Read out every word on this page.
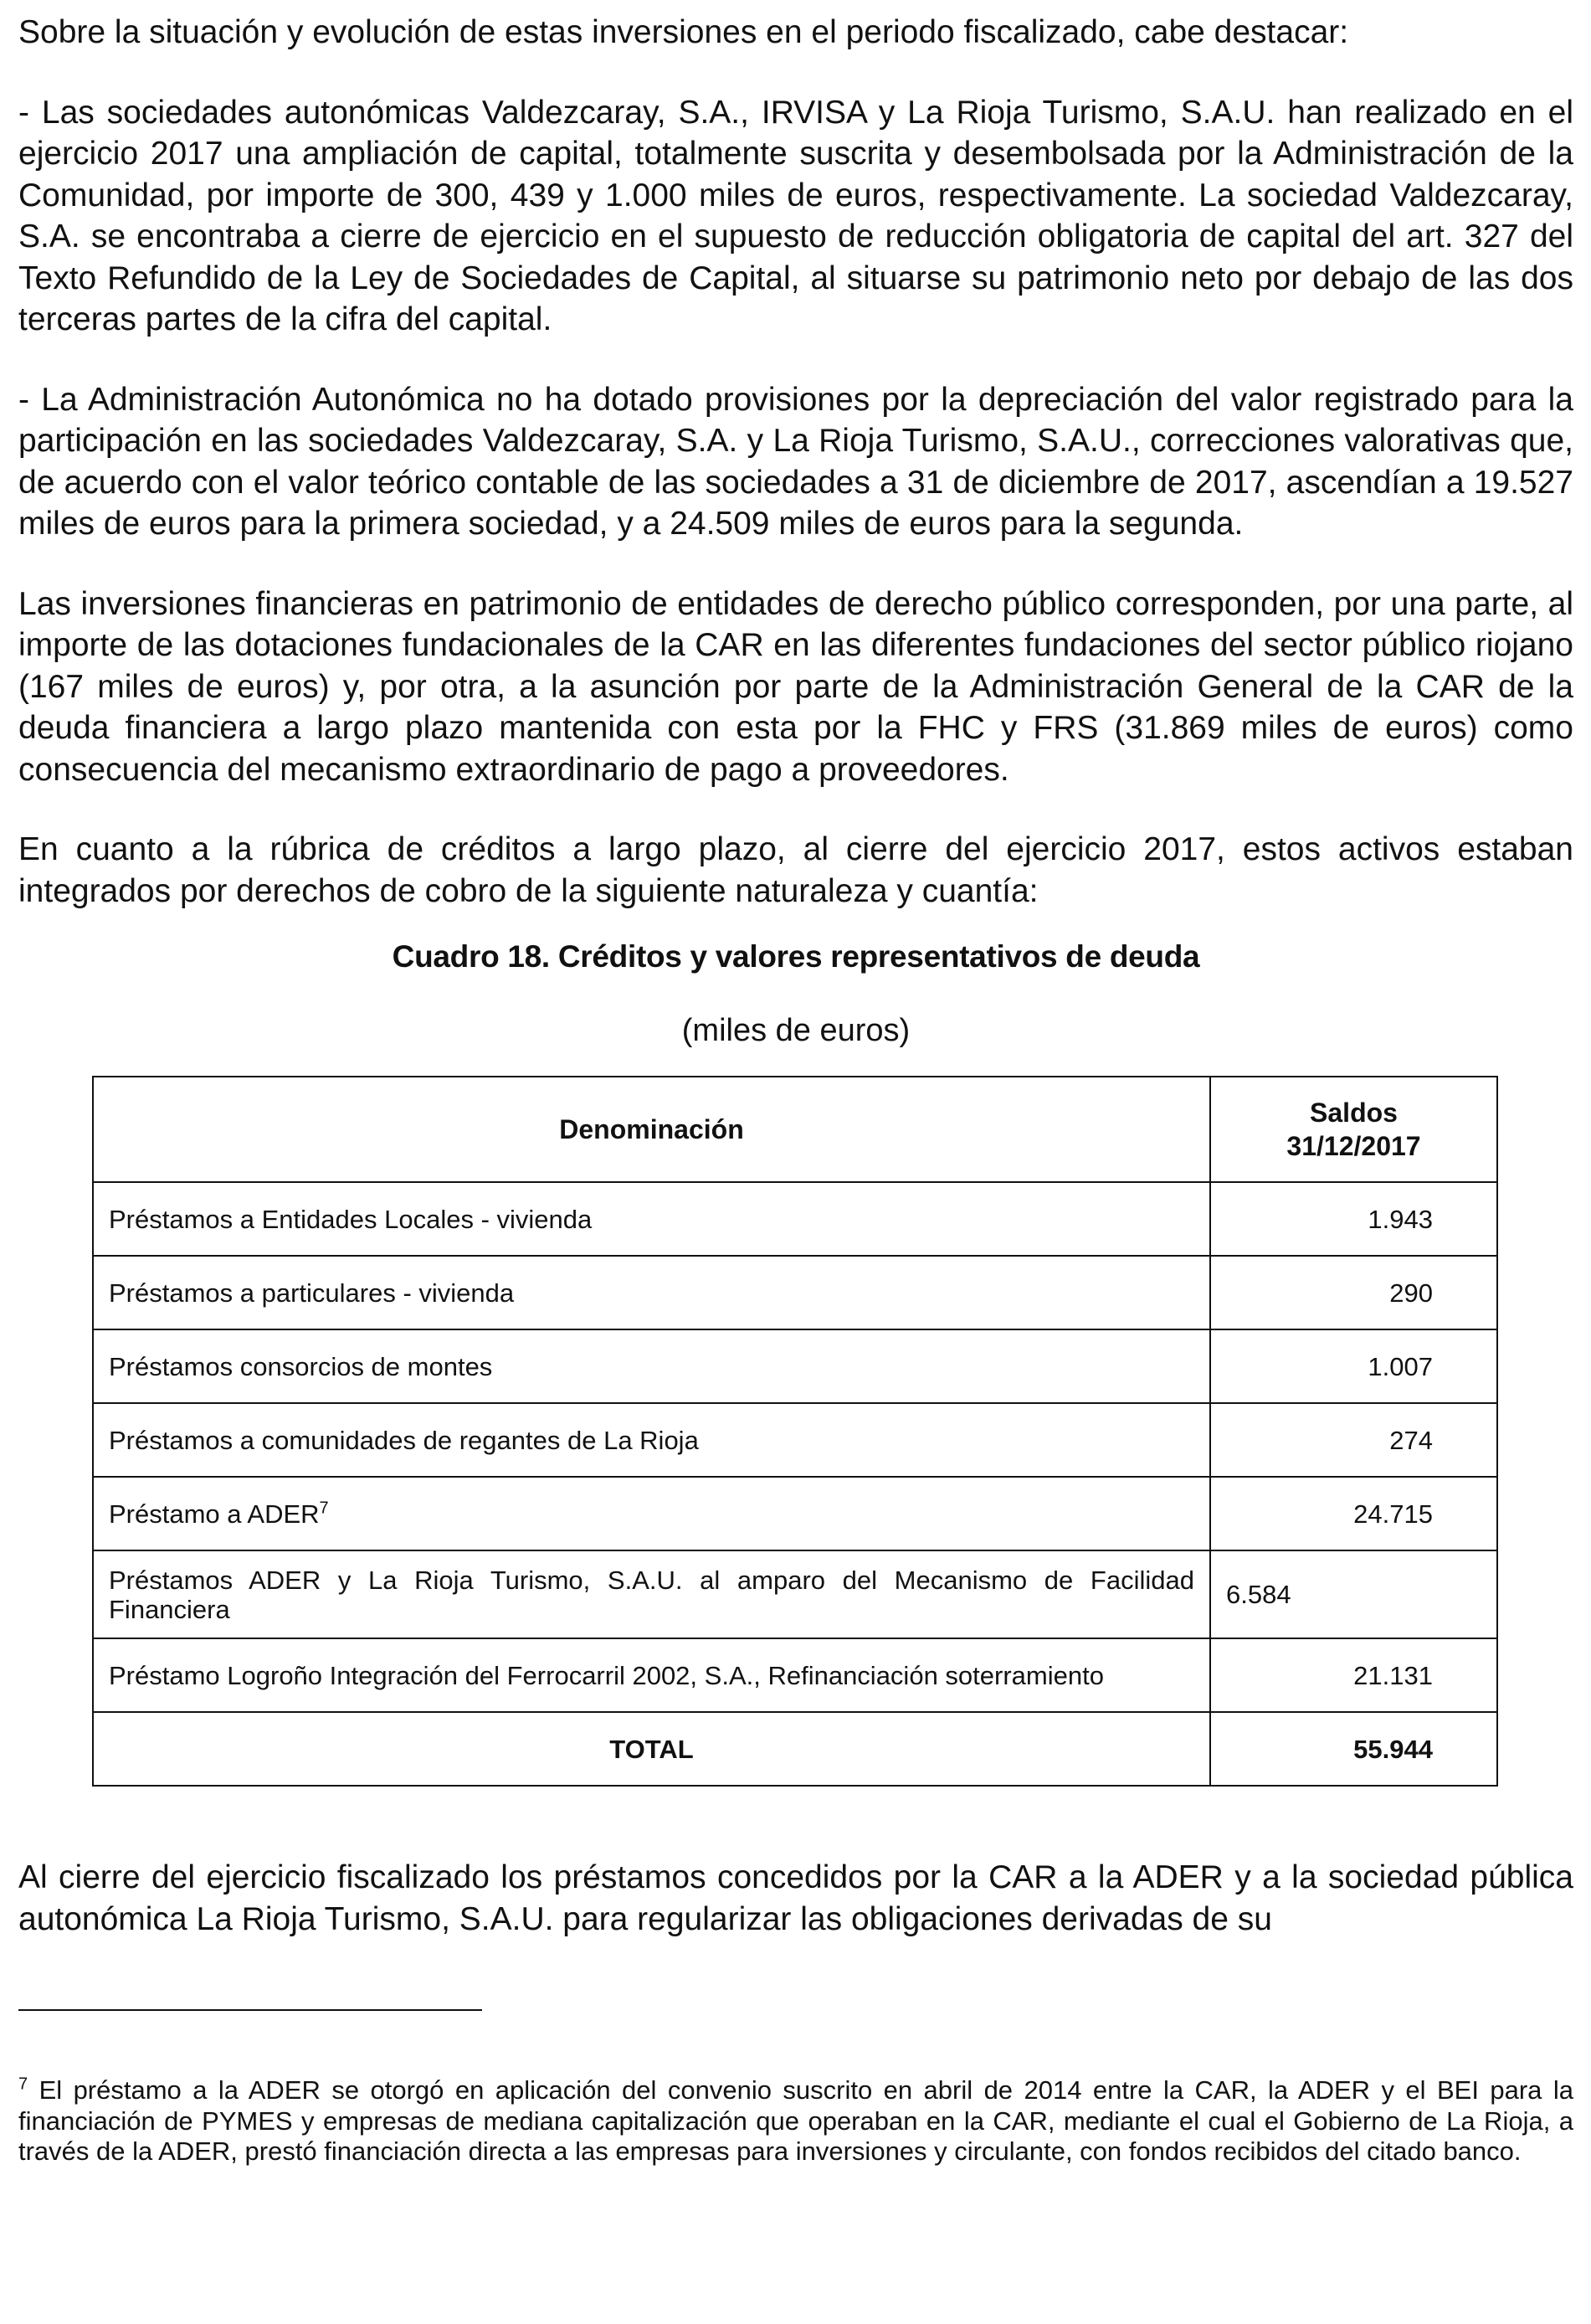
Sobre la situación y evolución de estas inversiones en el periodo fiscalizado, cabe destacar:

- Las sociedades autonómicas Valdezcaray, S.A., IRVISA y La Rioja Turismo, S.A.U. han realizado en el ejercicio 2017 una ampliación de capital, totalmente suscrita y desembolsada por la Administración de la Comunidad, por importe de 300, 439 y 1.000 miles de euros, respectivamente. La sociedad Valdezcaray, S.A. se encontraba a cierre de ejercicio en el supuesto de reducción obligatoria de capital del art. 327 del Texto Refundido de la Ley de Sociedades de Capital, al situarse su patrimonio neto por debajo de las dos terceras partes de la cifra del capital.

- La Administración Autonómica no ha dotado provisiones por la depreciación del valor registrado para la participación en las sociedades Valdezcaray, S.A. y La Rioja Turismo, S.A.U., correcciones valorativas que, de acuerdo con el valor teórico contable de las sociedades a 31 de diciembre de 2017, ascendían a 19.527 miles de euros para la primera sociedad, y a 24.509 miles de euros para la segunda.

Las inversiones financieras en patrimonio de entidades de derecho público corresponden, por una parte, al importe de las dotaciones fundacionales de la CAR en las diferentes fundaciones del sector público riojano (167 miles de euros) y, por otra, a la asunción por parte de la Administración General de la CAR de la deuda financiera a largo plazo mantenida con esta por la FHC y FRS (31.869 miles de euros) como consecuencia del mecanismo extraordinario de pago a proveedores.

En cuanto a la rúbrica de créditos a largo plazo, al cierre del ejercicio 2017, estos activos estaban integrados por derechos de cobro de la siguiente naturaleza y cuantía:

Cuadro 18. Créditos y valores representativos de deuda
(miles de euros)
Denominación	Saldos
31/12/2017
Préstamos a Entidades Locales - vivienda	1.943
Préstamos a particulares - vivienda	290
Préstamos consorcios de montes	1.007
Préstamos a comunidades de regantes de La Rioja	274
Préstamo a ADER$^7$	24.715
Préstamos ADER y La Rioja Turismo, S.A.U. al amparo del Mecanismo de Facilidad Financiera	6.584
Préstamo Logroño Integración del Ferrocarril 2002, S.A., Refinanciación soterramiento	21.131
TOTAL	55.944

Al cierre del ejercicio fiscalizado los préstamos concedidos por la CAR a la ADER y a la sociedad pública autonómica La Rioja Turismo, S.A.U. para regularizar las obligaciones derivadas de su

$^7$ El préstamo a la ADER se otorgó en aplicación del convenio suscrito en abril de 2014 entre la CAR, la ADER y el BEI para la financiación de PYMES y empresas de mediana capitalización que operaban en la CAR, mediante el cual el Gobierno de La Rioja, a través de la ADER, prestó financiación directa a las empresas para inversiones y circulante, con fondos recibidos del citado banco.
